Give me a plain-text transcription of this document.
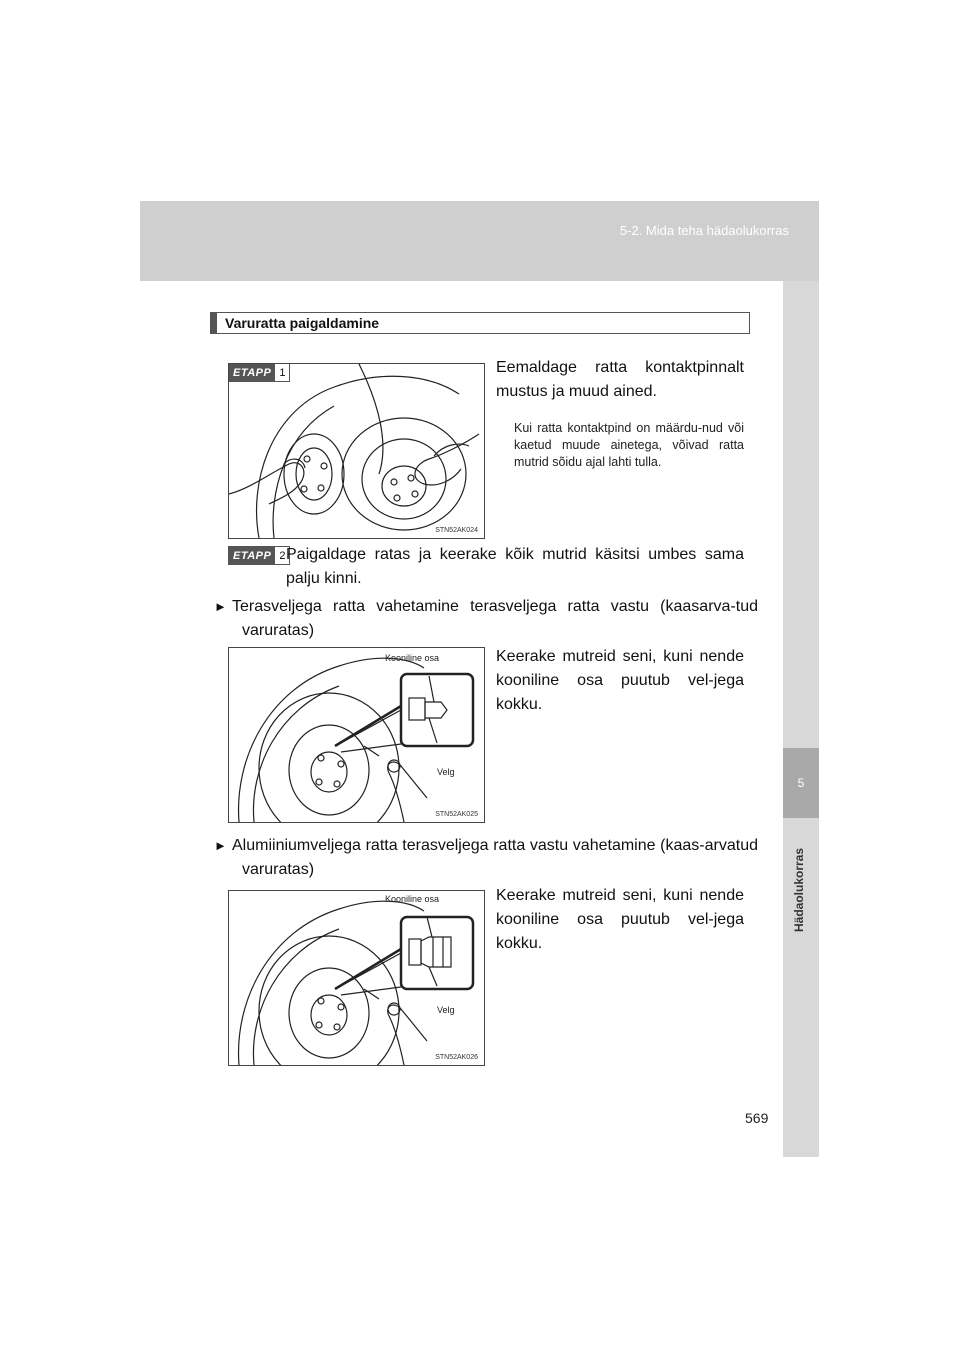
5-2. Mida teha hädaolukorras
5
Hädaolukorras
Varuratta paigaldamine
ETAPP 1
STN52AK024
Eemaldage ratta kontaktpinnalt mustus ja muud ained.
Kui ratta kontaktpind on määrdu-nud või kaetud muude ainetega, võivad ratta mutrid sõidu ajal lahti tulla.
ETAPP 2 Paigaldage ratas ja keerake kõik mutrid käsitsi umbes sama palju kinni.
► Terasveljega ratta vahetamine terasveljega ratta vastu (kaasarva-tud varuratas)
Kooniline osa
Velg
STN52AK025
Keerake mutreid seni, kuni nende kooniline osa puutub vel-jega kokku.
► Alumiiniumveljega ratta terasveljega ratta vastu vahetamine (kaas-arvatud varuratas)
Kooniline osa
Velg
STN52AK026
Keerake mutreid seni, kuni nende kooniline osa puutub vel-jega kokku.
569
